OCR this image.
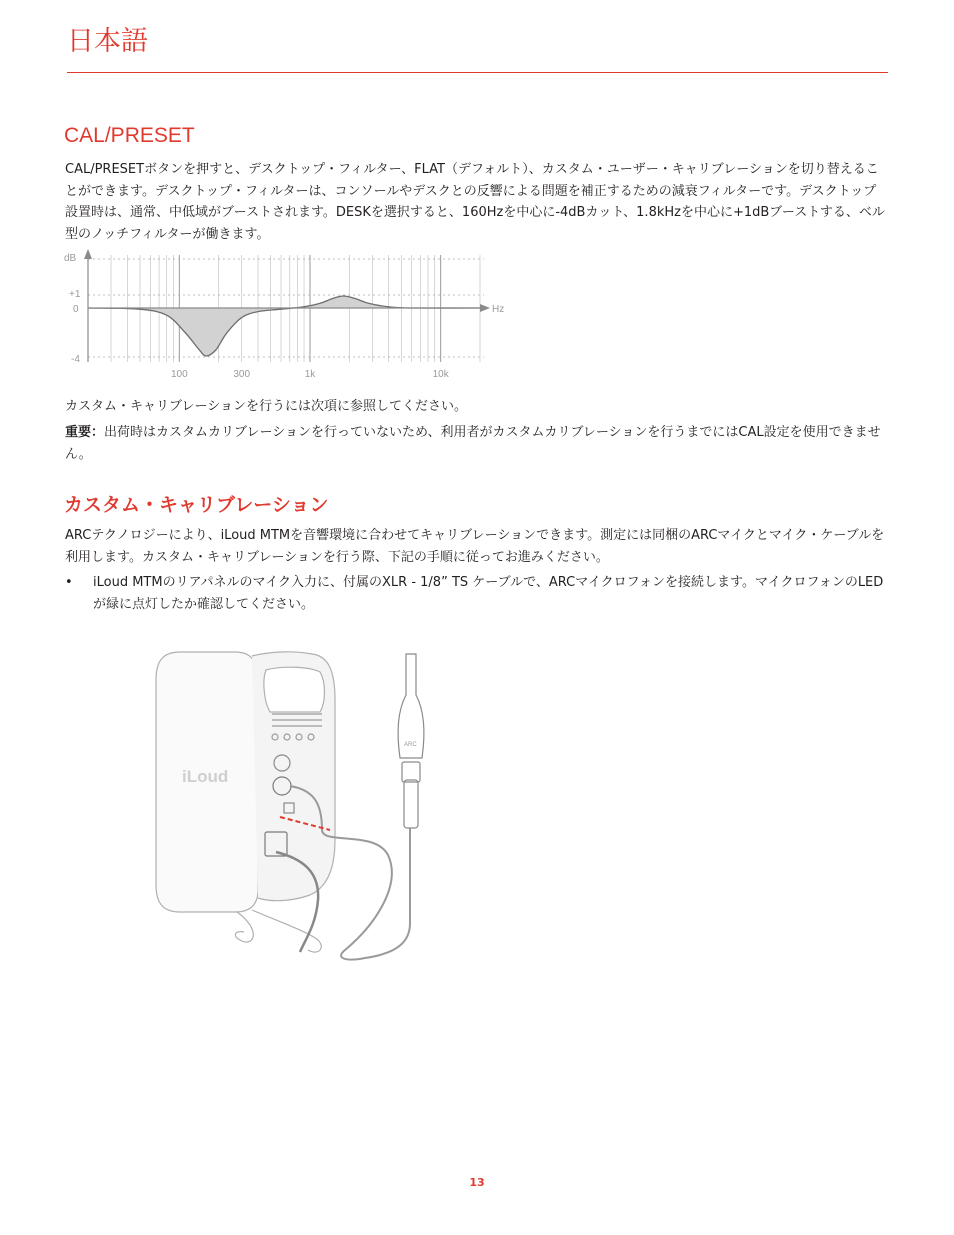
日本語
CAL/PRESET

CAL/PRESETボタンを押すと、デスクトップ・フィルター、FLAT（デフォルト）、カスタム・ユーザー・キャリブレーションを切り替えることができます。デスクトップ・フィルターは、コンソールやデスクとの反響による問題を補正するための減衰フィルターです。デスクトップ設置時は、通常、中低域がブーストされます。DESKを選択すると、160Hzを中心に-4dBカット、1.8kHzを中心に+1dBブーストする、ベル型のノッチフィルターが働きます。

dB
Hz
+1
0
-4
100	300	1k	10k

カスタム・キャリブレーションを行うには次項に参照してください。

重要：出荷時はカスタムカリブレーションを行っていないため、利用者がカスタムカリブレーションを行うまでにはCAL設定を使用できません。

カスタム・キャリブレーション

ARCテクノロジーにより、iLoud MTMを音響環境に合わせてキャリブレーションできます。測定には同梱のARCマイクとマイク・ケーブルを利用します。カスタム・キャリブレーションを行う際、下記の手順に従ってお進みください。

•	iLoud MTMのリアパネルのマイク入力に、付属のXLR - 1/8” TS ケーブルで、ARCマイクロフォンを接続します。マイクロフォンのLEDが緑に点灯したか確認してください。
iLoud
ARC
13
